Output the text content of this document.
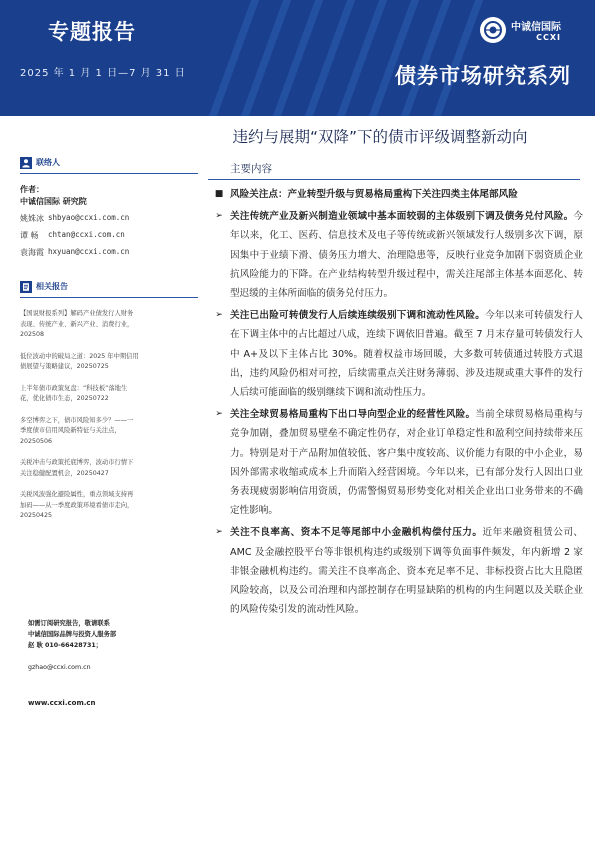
专题报告
2025 年 1 月 1 日—7 月 31 日
中诚信国际
CCXI
债券市场研究系列
违约与展期“双降”下的债市评级调整新动向
联络人
作者：
中诚信国际 研究院
姚姝冰 shbyao@ccxi.com.cn
谭 畅	chtan@ccxi.com.cn
袁海霞 hxyuan@ccxi.com.cn
相关报告
【国说财报系列】解码产业债发行人财务
表现、传统产业、新兴产业、消费行业，
202508
低位波动中的破局之道：2025 年中期信用
债展望与策略建议，20250725
上半年债市政策复盘：“科技板”落地生
花，优化债市生态，20250722
多空博弈之下，债市风险知多少？——一
季度债市信用风险新特征与关注点，
20250506
关税冲击与政策托底博弈，波动市行情下
关注稳健配置机会，20250427
关税风波强化避险属性，重点领域支持再
加码——从一季度政策环境看债市走向，
20250425
如需订阅研究报告，敬请联系
中诚信国际品牌与投资人服务部
赵 耿 010-66428731；
gzhao@ccxi.com.cn
www.ccxi.com.cn
主要内容
■ 风险关注点：产业转型升级与贸易格局重构下关注四类主体尾部风险
➢ 关注传统产业及新兴制造业领域中基本面较弱的主体级别下调及债务兑付风险。今年以来，化工、医药、信息技术及电子等传统或新兴领域发行人级别多次下调，原因集中于业绩下滑、债务压力增大、治理隐患等，反映行业竞争加剧下弱资质企业抗风险能力的下降。在产业结构转型升级过程中，需关注尾部主体基本面恶化、转型迟缓的主体所面临的债务兑付压力。
➢ 关注已出险可转债发行人后续连续级别下调和流动性风险。今年以来可转债发行人在下调主体中的占比超过八成，连续下调依旧普遍。截至 7 月末存量可转债发行人中 A+及以下主体占比 30%。随着权益市场回暖，大多数可转债通过转股方式退出，违约风险仍相对可控，后续需重点关注财务薄弱、涉及违规或重大事件的发行人后续可能面临的级别继续下调和流动性压力。
➢ 关注全球贸易格局重构下出口导向型企业的经营性风险。当前全球贸易格局重构与竞争加剧，叠加贸易壁垒不确定性仍存，对企业订单稳定性和盈利空间持续带来压力。特别是对于产品附加值较低、客户集中度较高、议价能力有限的中小企业，易因外部需求收缩或成本上升而陷入经营困境。今年以来，已有部分发行人因出口业务表现疲弱影响信用资质，仍需警惕贸易形势变化对相关企业出口业务带来的不确定性影响。
➢ 关注不良率高、资本不足等尾部中小金融机构偿付压力。近年来融资租赁公司、AMC 及金融控股平台等非银机构违约或级别下调等负面事件频发，年内新增 2 家非银金融机构违约。需关注不良率高企、资本充足率不足、非标投资占比大且隐匿风险较高，以及公司治理和内部控制存在明显缺陷的机构的内生问题以及关联企业的风险传染引发的流动性风险。
